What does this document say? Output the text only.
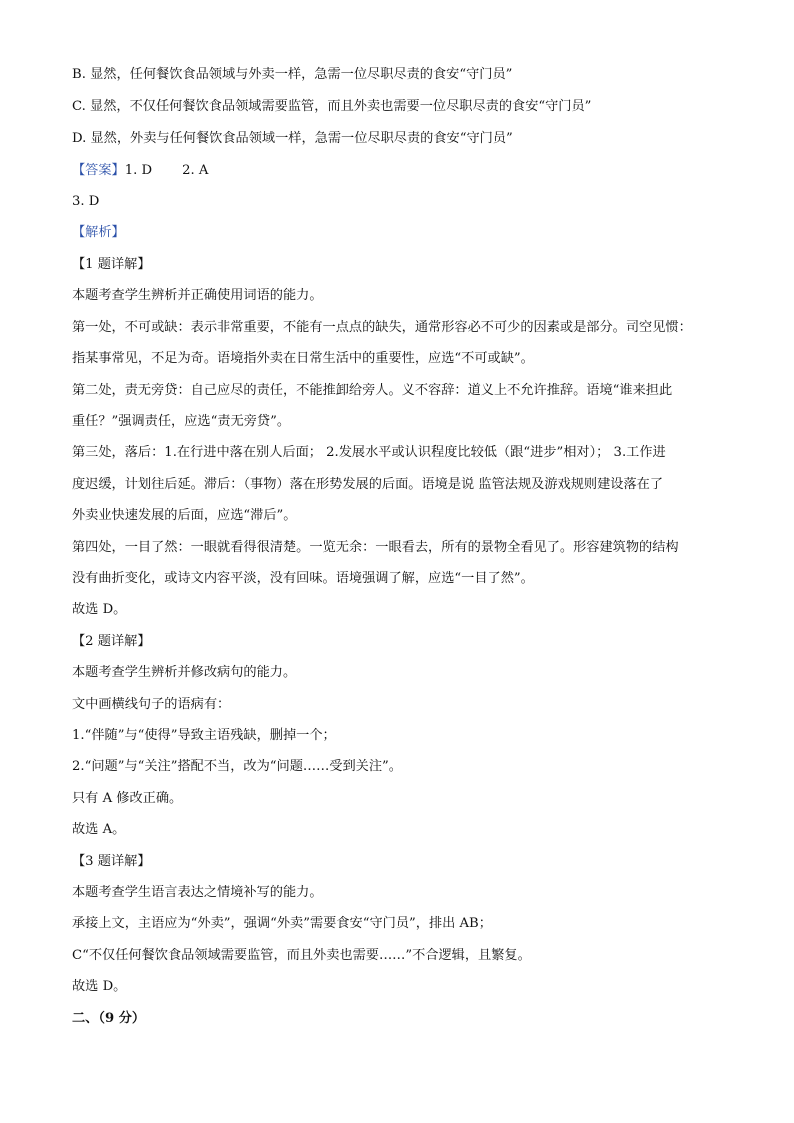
B. 显然，任何餐饮食品领域与外卖一样，急需一位尽职尽责的食安“守门员”
C. 显然，不仅任何餐饮食品领域需要监管，而且外卖也需要一位尽职尽责的食安“守门员”
D. 显然，外卖与任何餐饮食品领域一样，急需一位尽职尽责的食安“守门员”
【答案】1. D 2. A
3. D
【解析】
【1 题详解】
本题考查学生辨析并正确使用词语的能力。
第一处，不可或缺：表示非常重要，不能有一点点的缺失，通常形容必不可少的因素或是部分。司空见惯：
指某事常见，不足为奇。语境指外卖在日常生活中的重要性，应选“不可或缺”。
第二处，责无旁贷：自己应尽的责任，不能推卸给旁人。义不容辞：道义上不允许推辞。语境“谁来担此
重任？”强调责任，应选“责无旁贷”。
第三处，落后：1.在行进中落在别人后面； 2.发展水平或认识程度比较低（跟“进步”相对）； 3.工作进
度迟缓，计划往后延。滞后：（事物）落在形势发展的后面。语境是说 监管法规及游戏规则建设落在了
外卖业快速发展的后面，应选“滞后”。
第四处，一目了然：一眼就看得很清楚。一览无余：一眼看去，所有的景物全看见了。形容建筑物的结构
没有曲折变化，或诗文内容平淡，没有回味。语境强调了解，应选“一目了然”。
故选 D。
【2 题详解】
本题考查学生辨析并修改病句的能力。
文中画横线句子的语病有：
1.“伴随”与“使得”导致主语残缺，删掉一个；
2.“问题”与“关注”搭配不当，改为“问题……受到关注”。
只有 A 修改正确。
故选 A。
【3 题详解】
本题考查学生语言表达之情境补写的能力。
承接上文，主语应为“外卖”，强调“外卖”需要食安“守门员”，排出 AB；
C“不仅任何餐饮食品领域需要监管，而且外卖也需要……”不合逻辑，且繁复。
故选 D。
二、（9 分）
